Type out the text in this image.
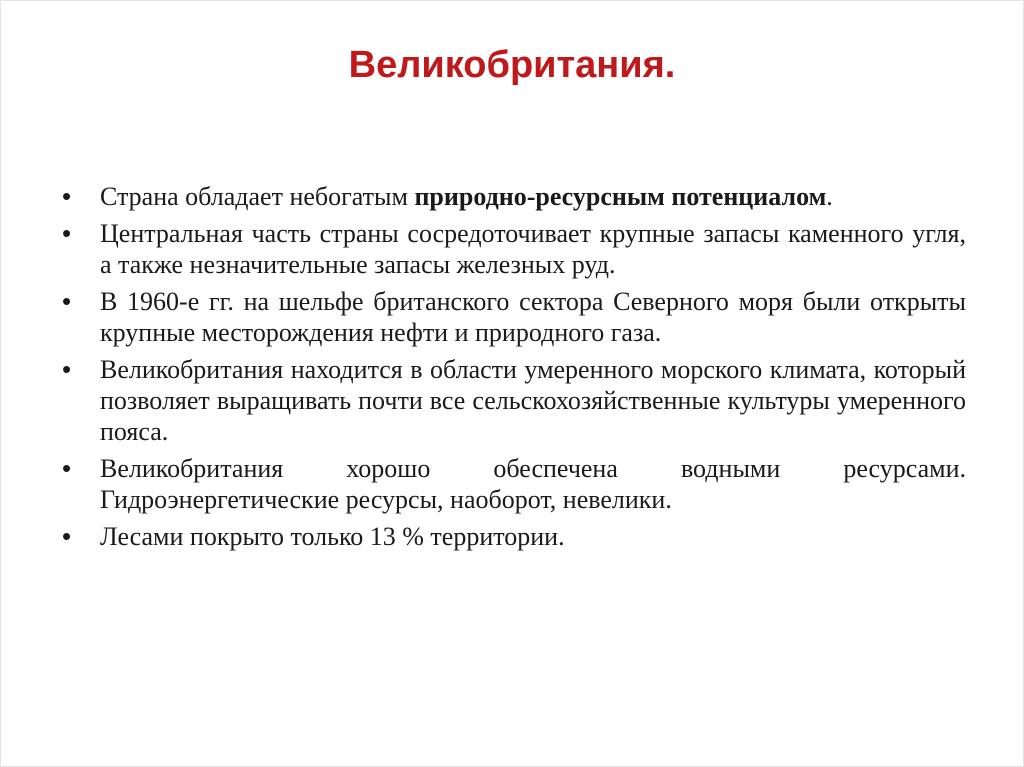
Великобритания.
•	Страна обладает небогатым природно-ресурсным потенциалом.
•	Центральная часть страны сосредоточивает крупные запасы каменного угля, а также незначительные запасы железных руд.
•	В 1960-е гг. на шельфе британского сектора Северного моря были открыты крупные месторождения нефти и природного газа.
•	Великобритания находится в области умеренного морского климата, который позволяет выращивать почти все сельскохозяйственные культуры умеренного пояса.
•	Великобритания хорошо обеспечена водными ресурсами. Гидроэнергетические ресурсы, наоборот, невелики.
•	Лесами покрыто только 13 % территории.
